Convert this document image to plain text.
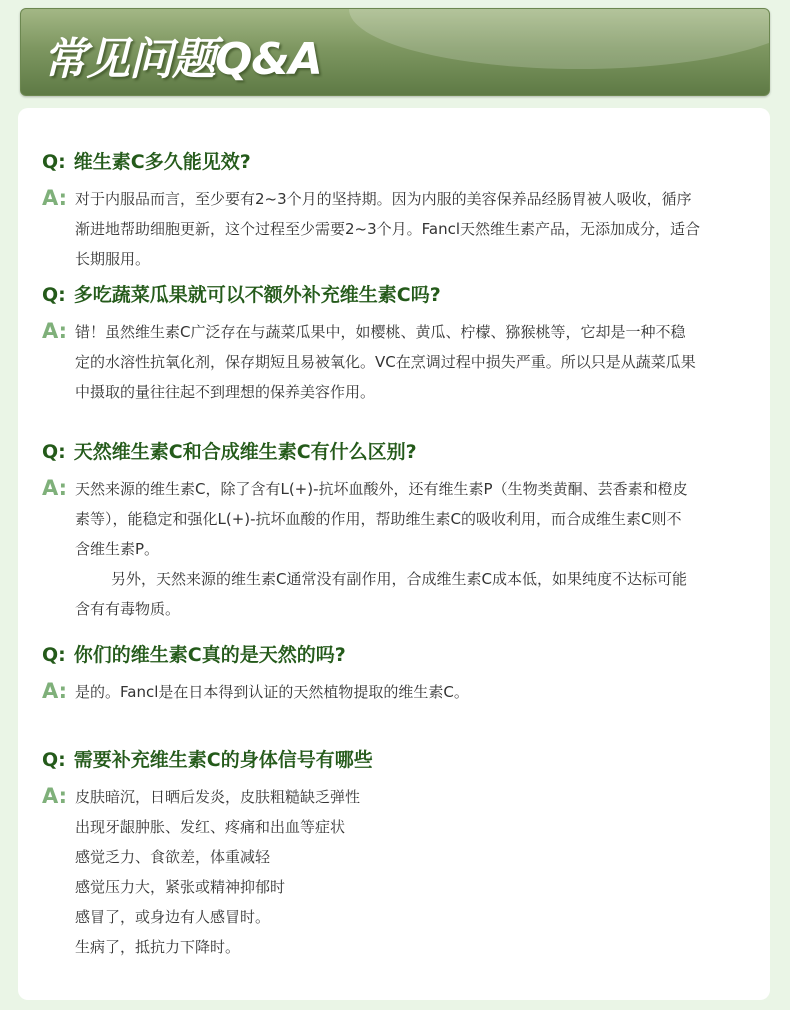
常见问题Q&A
Q: 维生素C多久能见效?
A: 对于内服品而言，至少要有2~3个月的坚持期。因为内服的美容保养品经肠胃被人吸收，循序
渐进地帮助细胞更新，这个过程至少需要2~3个月。Fancl天然维生素产品，无添加成分，适合
长期服用。
Q: 多吃蔬菜瓜果就可以不额外补充维生素C吗?
A: 错！虽然维生素C广泛存在与蔬菜瓜果中，如樱桃、黄瓜、柠檬、猕猴桃等，它却是一种不稳
定的水溶性抗氧化剂，保存期短且易被氧化。VC在烹调过程中损失严重。所以只是从蔬菜瓜果
中摄取的量往往起不到理想的保养美容作用。
Q: 天然维生素C和合成维生素C有什么区别?
A: 天然来源的维生素C，除了含有L(+)-抗坏血酸外，还有维生素P（生物类黄酮、芸香素和橙皮
素等），能稳定和强化L(+)-抗坏血酸的作用，帮助维生素C的吸收利用，而合成维生素C则不
含维生素P。
另外，天然来源的维生素C通常没有副作用，合成维生素C成本低，如果纯度不达标可能
含有有毒物质。
Q: 你们的维生素C真的是天然的吗?
A: 是的。Fancl是在日本得到认证的天然植物提取的维生素C。
Q: 需要补充维生素C的身体信号有哪些
A: 皮肤暗沉，日晒后发炎，皮肤粗糙缺乏弹性
出现牙龈肿胀、发红、疼痛和出血等症状
感觉乏力、食欲差，体重减轻
感觉压力大，紧张或精神抑郁时
感冒了，或身边有人感冒时。
生病了，抵抗力下降时。
